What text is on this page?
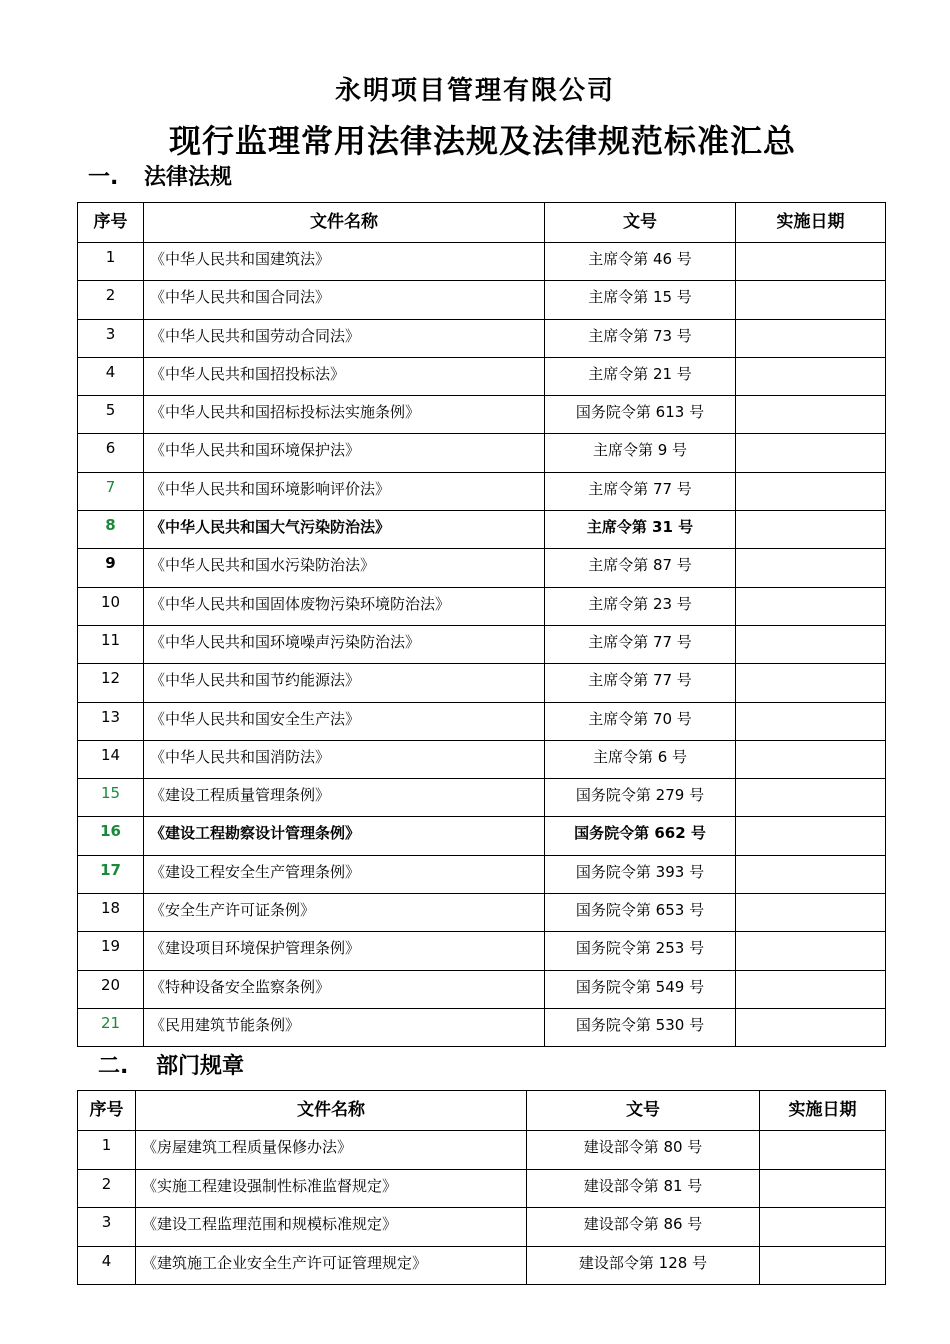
永明项目管理有限公司
现行监理常用法律法规及法律规范标准汇总
一. 法律法规
序号	文件名称	文号	实施日期
1	《中华人民共和国建筑法》	主席令第 46 号	
2	《中华人民共和国合同法》	主席令第 15 号	
3	《中华人民共和国劳动合同法》	主席令第 73 号	
4	《中华人民共和国招投标法》	主席令第 21 号	
5	《中华人民共和国招标投标法实施条例》	国务院令第 613 号	
6	《中华人民共和国环境保护法》	主席令第 9 号	
7	《中华人民共和国环境影响评价法》	主席令第 77 号	
8	《中华人民共和国大气污染防治法》	主席令第 31 号	
9	《中华人民共和国水污染防治法》	主席令第 87 号	
10	《中华人民共和国固体废物污染环境防治法》	主席令第 23 号	
11	《中华人民共和国环境噪声污染防治法》	主席令第 77 号	
12	《中华人民共和国节约能源法》	主席令第 77 号	
13	《中华人民共和国安全生产法》	主席令第 70 号	
14	《中华人民共和国消防法》	主席令第 6 号	
15	《建设工程质量管理条例》	国务院令第 279 号	
16	《建设工程勘察设计管理条例》	国务院令第 662 号	
17	《建设工程安全生产管理条例》	国务院令第 393 号	
18	《安全生产许可证条例》	国务院令第 653 号	
19	《建设项目环境保护管理条例》	国务院令第 253 号	
20	《特种设备安全监察条例》	国务院令第 549 号	
21	《民用建筑节能条例》	国务院令第 530 号	
二. 部门规章
序号	文件名称	文号	实施日期
1	《房屋建筑工程质量保修办法》	建设部令第 80 号	
2	《实施工程建设强制性标准监督规定》	建设部令第 81 号	
3	《建设工程监理范围和规模标准规定》	建设部令第 86 号	
4	《建筑施工企业安全生产许可证管理规定》	建设部令第 128 号	
